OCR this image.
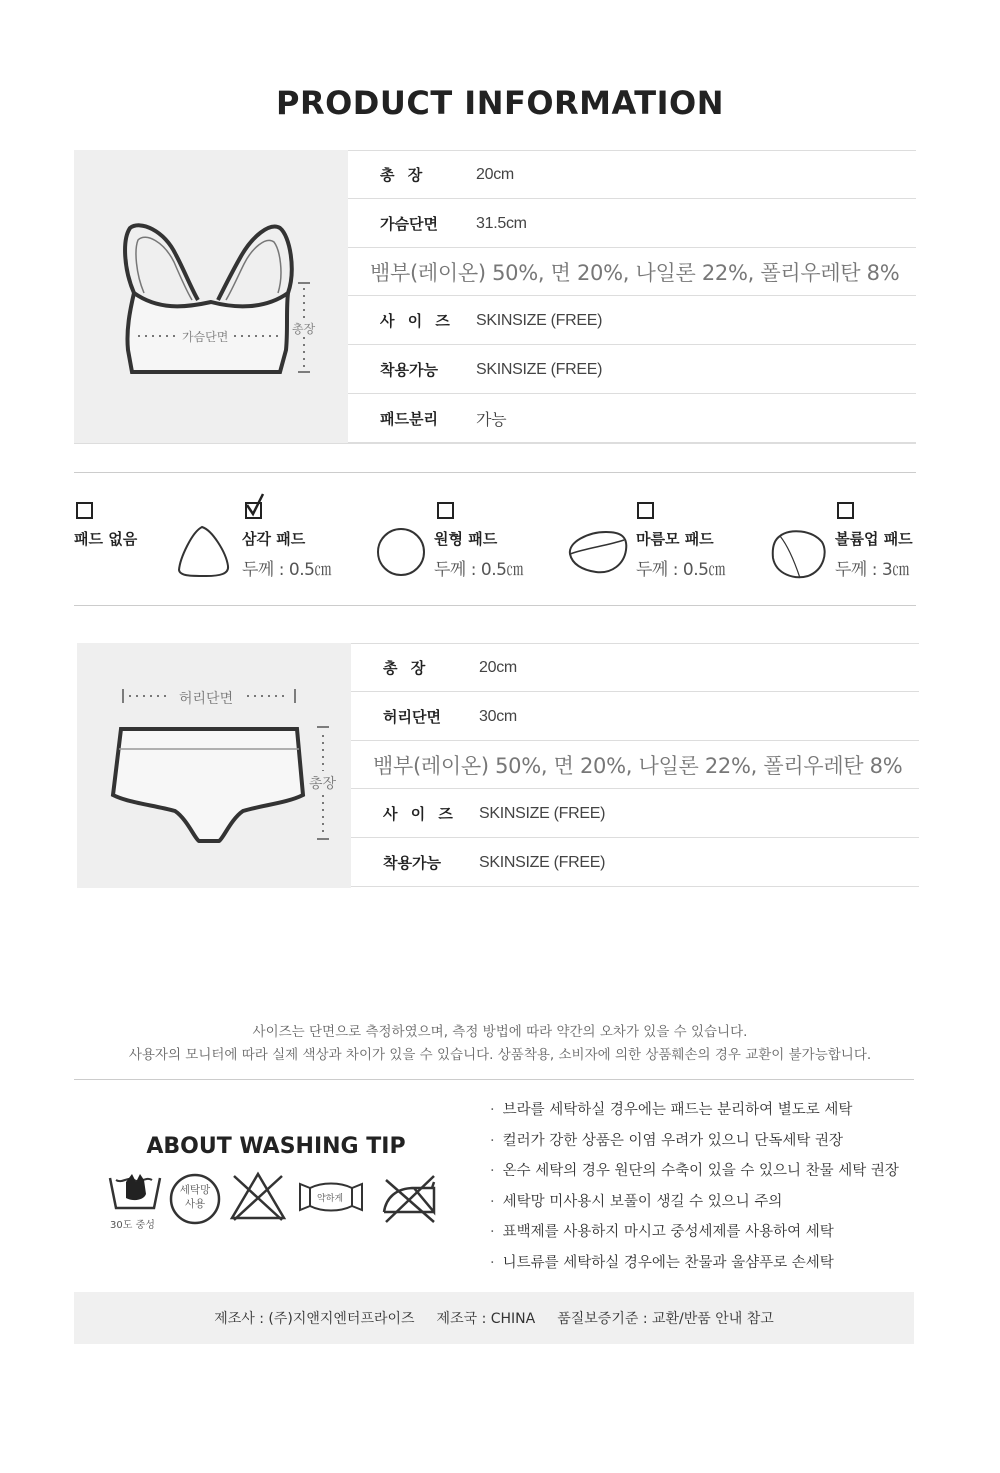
PRODUCT INFORMATION
가슴단면
총장
총 장	20cm
가슴단면	31.5cm
뱀부(레이온) 50%, 면 20%, 나일론 22%, 폴리우레탄 8%
사 이 즈	SKINSIZE (FREE)
착용가능	SKINSIZE (FREE)
패드분리	가능
패드 없음	삼각 패드
두께 : 0.5㎝
원형 패드
두께 : 0.5㎝
마름모 패드
두께 : 0.5㎝
볼륨업 패드
두께 : 3㎝
허리단면
총장
총 장	20cm
허리단면	30cm
뱀부(레이온) 50%, 면 20%, 나일론 22%, 폴리우레탄 8%
사 이 즈	SKINSIZE (FREE)
착용가능	SKINSIZE (FREE)
사이즈는 단면으로 측정하였으며, 측정 방법에 따라 약간의 오차가 있을 수 있습니다.
사용자의 모니터에 따라 실제 색상과 차이가 있을 수 있습니다. 상품착용, 소비자에 의한 상품훼손의 경우 교환이 불가능합니다.
ABOUT WASHING TIP
30도 중성
세탁망
사용	약하게
· 브라를 세탁하실 경우에는 패드는 분리하여 별도로 세탁
· 컬러가 강한 상품은 이염 우려가 있으니 단독세탁 권장
· 온수 세탁의 경우 원단의 수축이 있을 수 있으니 찬물 세탁 권장
· 세탁망 미사용시 보풀이 생길 수 있으니 주의
· 표백제를 사용하지 마시고 중성세제를 사용하여 세탁
· 니트류를 세탁하실 경우에는 찬물과 울샴푸로 손세탁
제조사 : (주)지앤지엔터프라이즈 제조국 : CHINA 품질보증기준 : 교환/반품 안내 참고
